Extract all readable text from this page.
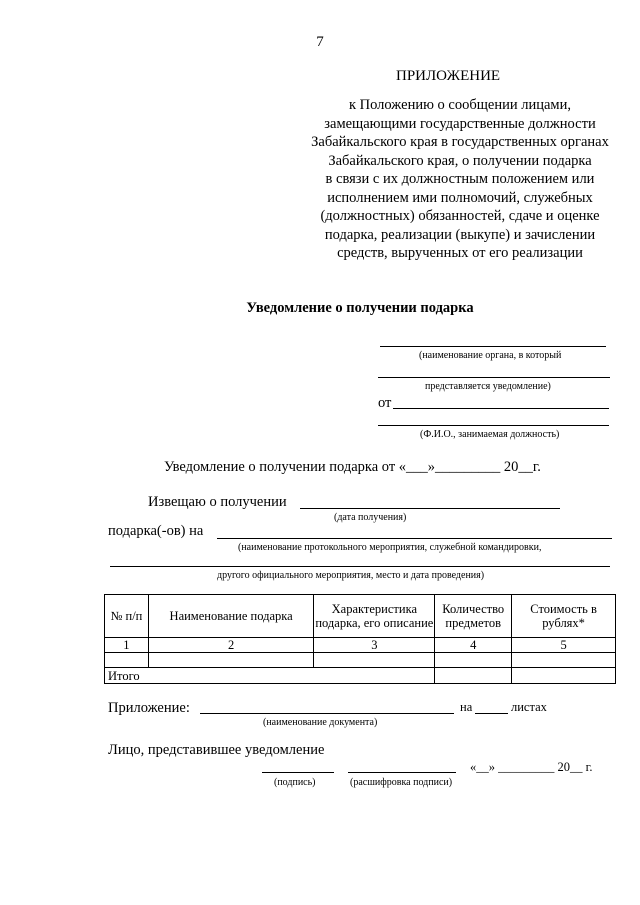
7
ПРИЛОЖЕНИЕ
к Положению о сообщении лицами,
замещающими государственные должности
Забайкальского края в государственных органах
Забайкальского края, о получении подарка
в связи с их должностным положением или
исполнением ими полномочий, служебных
(должностных) обязанностей, сдаче и оценке
подарка, реализации (выкупе) и зачислении
средств, вырученных от его реализации
Уведомление о получении подарка
(наименование органа, в который
представляется уведомление)
от
(Ф.И.О., занимаемая должность)
Уведомление о получении подарка от «___»_________ 20__г.
Извещаю о получении
(дата получения)
подарка(-ов) на
(наименование протокольного мероприятия, служебной командировки,
другого официального мероприятия, место и дата проведения)
№ п/п	Наименование подарка	Характеристика подарка, его описание	Количество предметов	Стоимость в рублях*
1	2	3	4	5

Итого				
Приложение:	на	листах
(наименование документа)
Лицо, представившее уведомление
«__» _________ 20__ г.
(подпись)	(расшифровка подписи)
